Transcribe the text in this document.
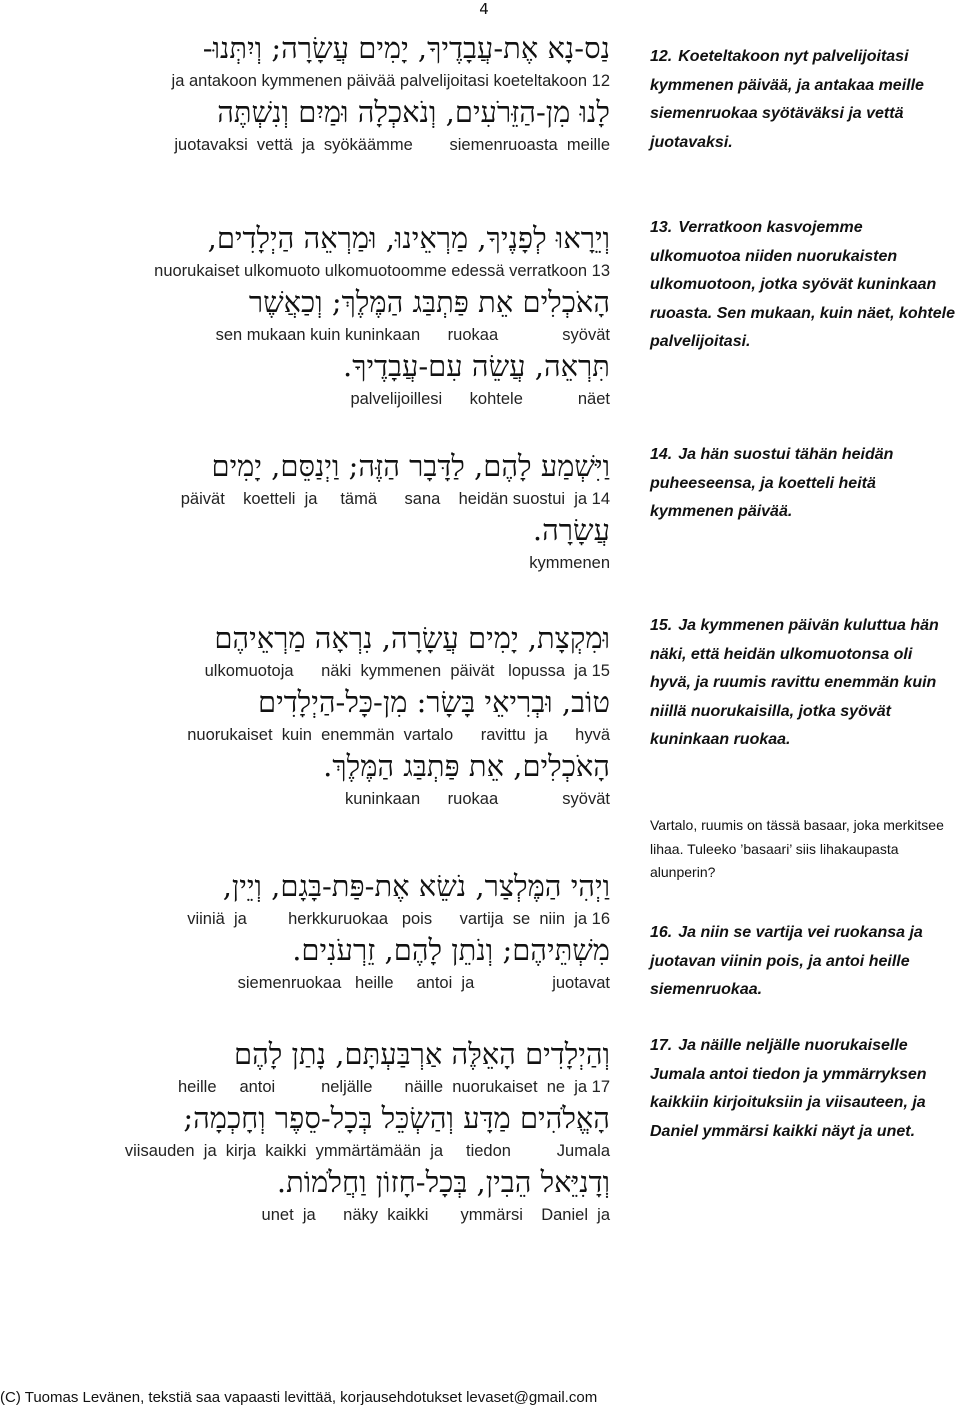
4
נַס-נָא אֶת-עֲבָדֶיךָ, יָמִים עֲשָׂרָה; וְיִתְּנוּ-
ja antakoon kymmenen päivää palvelijoitasi koeteltakoon 12
לָנוּ מִן-הַזֵּרֹעִים, וְנֹאכְלָה וּמַיִם וְנִשְׁתֶּה
juotavaksi  vettä  ja  syökäämme        siemenruoasta  meille
וְיֵרָאוּ לְפָנֶיךָ, מַרְאֵינוּ, וּמַרְאֵה הַיְלָדִים,
nuorukaiset ulkomuoto ulkomuotoomme edessä verratkoon 13
הָאֹכְלִים אֵת פַּתְבַּג הַמֶּלֶךְ; וְכַאֲשֶׁר
sen mukaan kuin kuninkaan      ruokaa              syövät
תִּרְאֵה, עֲשֵׂה עִם-עֲבָדֶיךָ.
palvelijoillesi      kohtele            näet
וַיִּשְׁמַע לָהֶם, לַדָּבָר הַזֶּה; וַיְנַסֵּם, יָמִים
päivät    koetteli  ja     tämä      sana    heidän suostui  ja 14
עֲשָׂרָה.
kymmenen
וּמִקְצָת, יָמִים עֲשָׂרָה, נִרְאָה מַרְאֵיהֶם
ulkomuotoja      näki  kymmenen  päivät   lopussa  ja 15
טוֹב, וּבְרִיאֵי בָּשָׂר: מִן-כָּל-הַיְלָדִים
nuorukaiset  kuin  enemmän  vartalo      ravittu  ja      hyvä
הָאֹכְלִים, אֵת פַּתְבַּג הַמֶּלֶךְ.
kuninkaan      ruokaa              syövät
וַיְהִי הַמֶּלְצַר, נֹשֵׂא אֶת-פַּת-בָּגָם, וְיֵין,
viiniä  ja         herkkuruokaa   pois      vartija  se  niin  ja 16
מִשְׁתֵּיהֶם; וְנֹתֵן לָהֶם, זֵרְעֹנִים.
siemenruokaa   heille     antoi  ja                 juotavat
וְהַיְלָדִים הָאֵלֶּה אַרְבַּעְתָּם, נָתַן לָהֶם
heille     antoi          neljälle       näille  nuorukaiset  ne  ja 17
הָאֱלֹהִים מַדָּע וְהַשְׂכֵּל בְּכָל-סֵפֶר וְחָכְמָה;
viisauden  ja  kirja  kaikki  ymmärtämään  ja     tiedon          Jumala
וְדָנִיֵּאל הֵבִין, בְּכָל-חָזוֹן וַחֲלֹמוֹת.
unet  ja      näky  kaikki       ymmärsi    Daniel  ja

12. Koeteltakoon nyt palvelijoitasi kymmenen päivää, ja antakaa meille siemenruokaa syötäväksi ja vettä juotavaksi.

13. Verratkoon kasvojemme ulkomuotoa niiden nuorukaisten ulkomuotoon, jotka syövät kuninkaan ruoasta. Sen mukaan, kuin näet, kohtele palvelijoitasi.

14. Ja hän suostui tähän heidän puheeseensa, ja koetteli heitä kymmenen päivää.

15. Ja kymmenen päivän kuluttua hän näki, että heidän ulkomuotonsa oli hyvä, ja ruumis ravittu enemmän kuin niillä nuorukaisilla, jotka syövät kuninkaan ruokaa.

Vartalo, ruumis on tässä basaar, joka merkitsee lihaa. Tuleeko ’basaari’ siis lihakaupasta alunperin?

16. Ja niin se vartija vei ruokansa ja juotavan viinin pois, ja antoi heille siemenruokaa.

17. Ja näille neljälle nuorukaiselle Jumala antoi tiedon ja ymmärryksen kaikkiin kirjoituksiin ja viisauteen, ja Daniel ymmärsi kaikki näyt ja unet.

(C) Tuomas Levänen, tekstiä saa vapaasti levittää, korjausehdotukset levaset@gmail.com
